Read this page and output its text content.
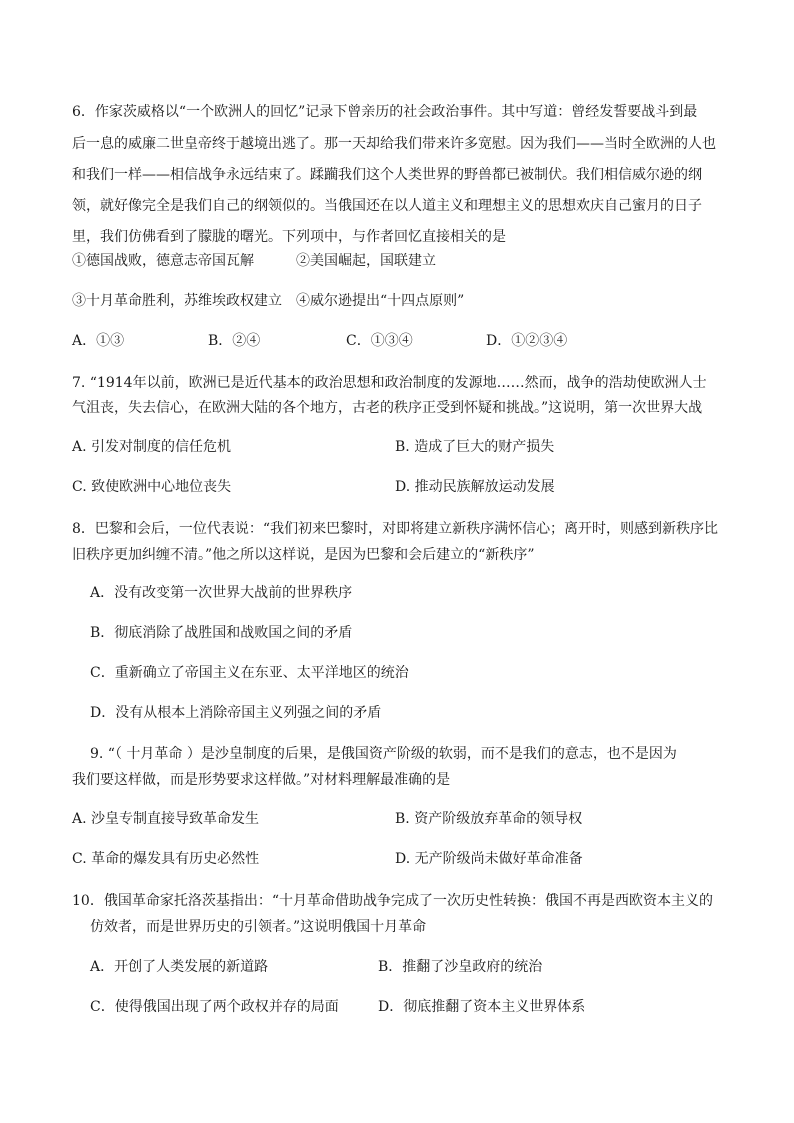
6．作家茨威格以“一个欧洲人的回忆”记录下曾亲历的社会政治事件。其中写道：曾经发誓要战斗到最
后一息的威廉二世皇帝终于越境出逃了。那一天却给我们带来许多宽慰。因为我们——当时全欧洲的人也
和我们一样——相信战争永远结束了。蹂躏我们这个人类世界的野兽都已被制伏。我们相信威尔逊的纲
领，就好像完全是我们自己的纲领似的。当俄国还在以人道主义和理想主义的思想欢庆自己蜜月的日子
里，我们仿佛看到了朦胧的曙光。下列项中，与作者回忆直接相关的是
①德国战败，德意志帝国瓦解	②美国崛起，国联建立
③十月革命胜利，苏维埃政权建立 ④威尔逊提出“十四点原则”
A．①③	B．②④	C．①③④	D．①②③④
7. “1914年以前，欧洲已是近代基本的政治思想和政治制度的发源地……然而，战争的浩劫使欧洲人士
气沮丧，失去信心，在欧洲大陆的各个地方，古老的秩序正受到怀疑和挑战。”这说明，第一次世界大战
A. 引发对制度的信任危机	B. 造成了巨大的财产损失
C. 致使欧洲中心地位丧失	D. 推动民族解放运动发展
8．巴黎和会后，一位代表说：“我们初来巴黎时，对即将建立新秩序满怀信心；离开时，则感到新秩序比
旧秩序更加纠缠不清。”他之所以这样说，是因为巴黎和会后建立的“新秩序”
A．没有改变第一次世界大战前的世界秩序
B．彻底消除了战胜国和战败国之间的矛盾
C．重新确立了帝国主义在东亚、太平洋地区的统治
D．没有从根本上消除帝国主义列强之间的矛盾
9. “（ 十月革命 ）是沙皇制度的后果，是俄国资产阶级的软弱，而不是我们的意志，也不是因为
我们要这样做，而是形势要求这样做。”对材料理解最准确的是
A. 沙皇专制直接导致革命发生	B. 资产阶级放弃革命的领导权
C. 革命的爆发具有历史必然性	D. 无产阶级尚未做好革命准备
10．俄国革命家托洛茨基指出：“十月革命借助战争完成了一次历史性转换：俄国不再是西欧资本主义的
仿效者，而是世界历史的引领者。”这说明俄国十月革命
A．开创了人类发展的新道路	B．推翻了沙皇政府的统治
C．使得俄国出现了两个政权并存的局面	D．彻底推翻了资本主义世界体系
